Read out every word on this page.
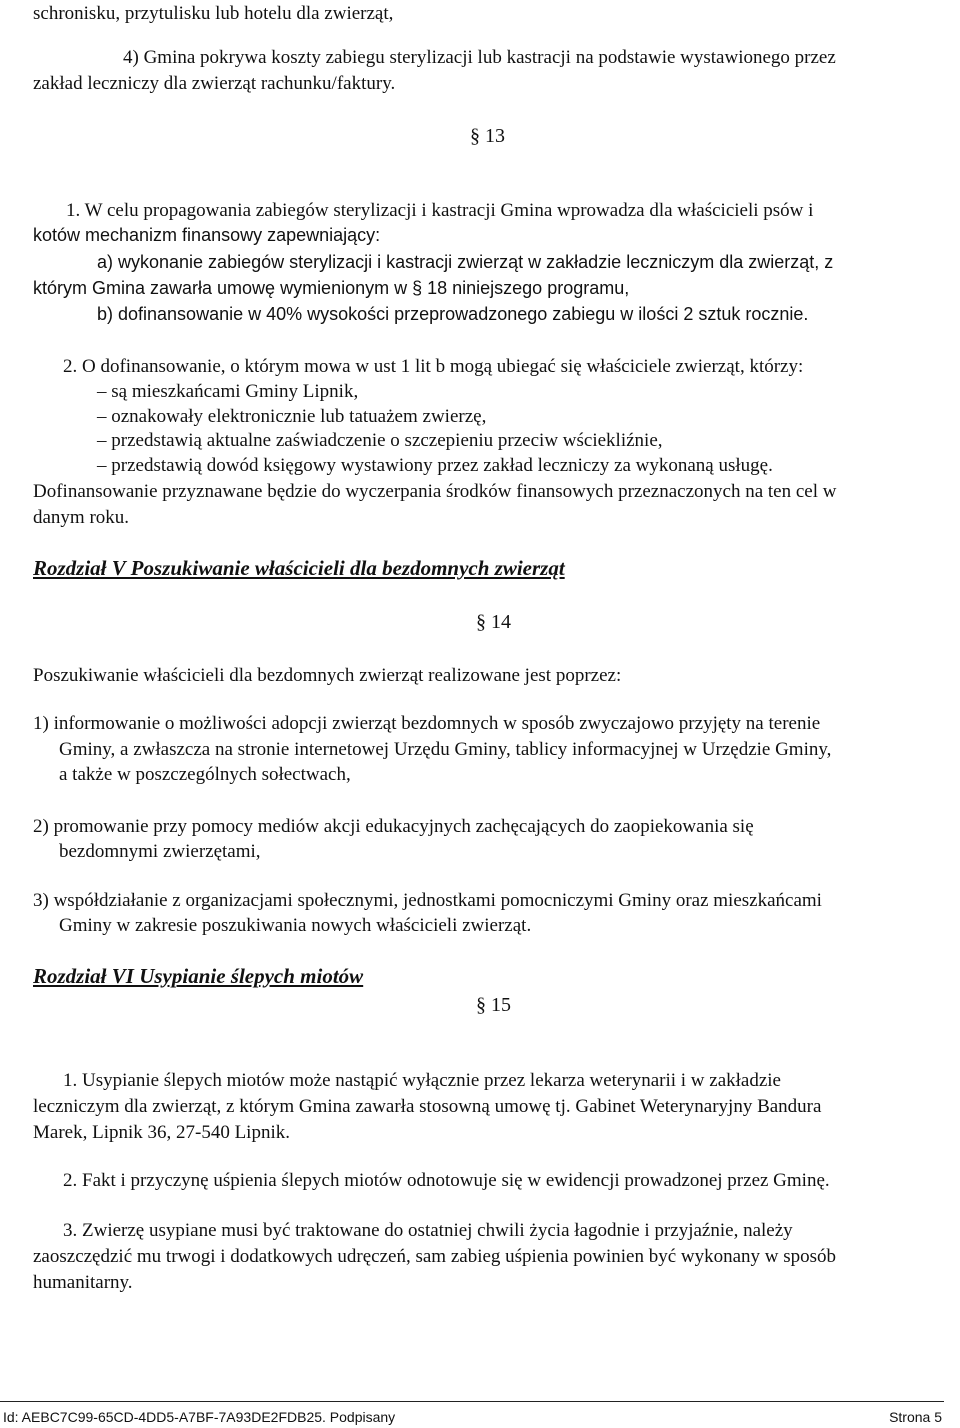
schronisku, przytulisku lub hotelu dla zwierząt,
4) Gmina pokrywa koszty zabiegu sterylizacji lub kastracji na podstawie wystawionego przez
zakład leczniczy dla zwierząt rachunku/faktury.
§ 13
1. W celu propagowania zabiegów sterylizacji i kastracji Gmina wprowadza dla właścicieli psów i
kotów mechanizm finansowy zapewniający:
a) wykonanie zabiegów sterylizacji i kastracji zwierząt w zakładzie leczniczym dla zwierząt, z
którym Gmina zawarła umowę wymienionym w § 18 niniejszego programu,
b) dofinansowanie w 40% wysokości przeprowadzonego zabiegu w ilości 2 sztuk rocznie.
2. O dofinansowanie, o którym mowa w ust 1 lit b mogą ubiegać się właściciele zwierząt, którzy:
– są mieszkańcami Gminy Lipnik,
– oznakowały elektronicznie lub tatuażem zwierzę,
– przedstawią aktualne zaświadczenie o szczepieniu przeciw wściekliźnie,
– przedstawią dowód księgowy wystawiony przez zakład leczniczy za wykonaną usługę.
Dofinansowanie przyznawane będzie do wyczerpania środków finansowych przeznaczonych na ten cel w
danym roku.
Rozdział V Poszukiwanie właścicieli dla bezdomnych zwierząt
§ 14
Poszukiwanie właścicieli dla bezdomnych zwierząt realizowane jest poprzez:
1) informowanie o możliwości adopcji zwierząt bezdomnych w sposób zwyczajowo przyjęty na terenie
Gminy, a zwłaszcza na stronie internetowej Urzędu Gminy, tablicy informacyjnej w Urzędzie Gminy,
a także w poszczególnych sołectwach,
2) promowanie przy pomocy mediów akcji edukacyjnych zachęcających do zaopiekowania się
bezdomnymi zwierzętami,
3) współdziałanie z organizacjami społecznymi, jednostkami pomocniczymi Gminy oraz mieszkańcami
Gminy w zakresie poszukiwania nowych właścicieli zwierząt.
Rozdział VI Usypianie ślepych miotów
§ 15
1. Usypianie ślepych miotów może nastąpić wyłącznie przez lekarza weterynarii i w zakładzie
leczniczym dla zwierząt, z którym Gmina zawarła stosowną umowę tj. Gabinet Weterynaryjny Bandura
Marek, Lipnik 36, 27-540 Lipnik.
2. Fakt i przyczynę uśpienia ślepych miotów odnotowuje się w ewidencji prowadzonej przez Gminę.
3. Zwierzę usypiane musi być traktowane do ostatniej chwili życia łagodnie i przyjaźnie, należy
zaoszczędzić mu trwogi i dodatkowych udręczeń, sam zabieg uśpienia powinien być wykonany w sposób
humanitarny.
Id: AEBC7C99-65CD-4DD5-A7BF-7A93DE2FDB25. Podpisany	Strona 5
